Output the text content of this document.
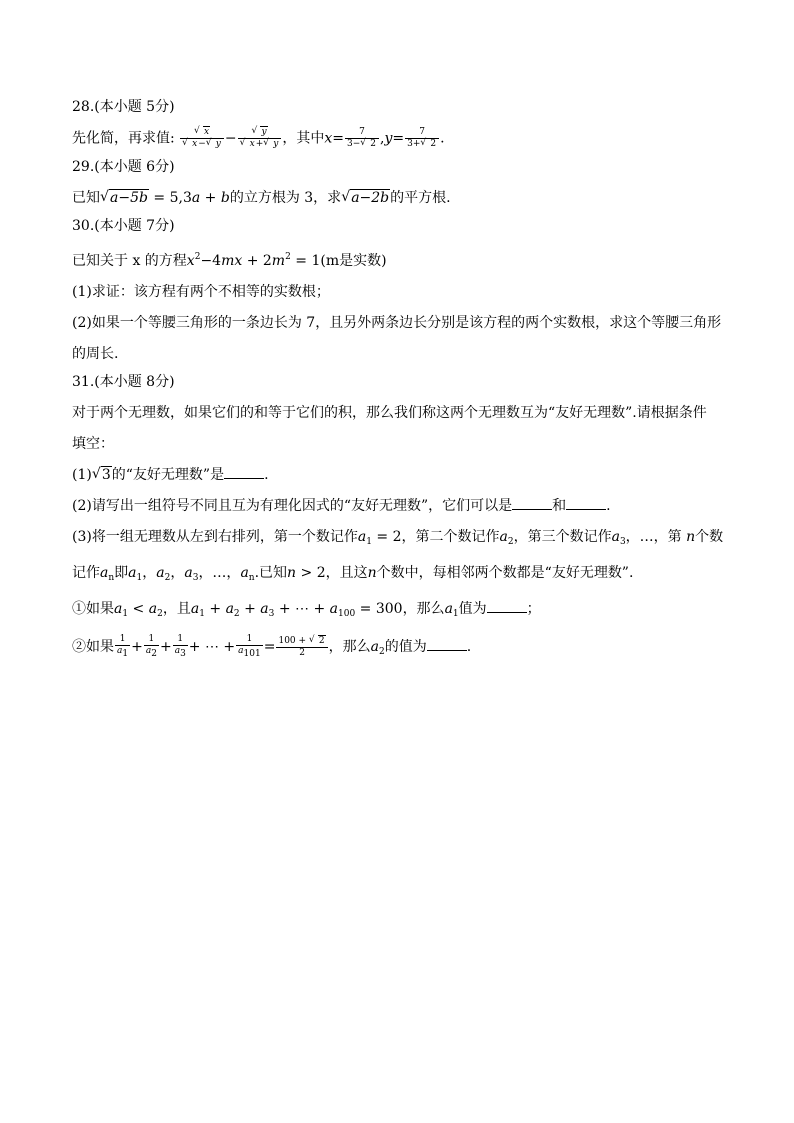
28.(本小题 5分)
先化简，再求值: √ x
√ x− √ y − √ y
√ x+ √ y ，其中$x= \frac{7}{3- √ 2} ,y= \frac{7}{3+ √ 2}$ .
29.(本小题 6分)
已知 √ a−5b = 5,3a + b的立方根为 3，求 √ a−2b的平方根.
30.(本小题 7分)
已知关于 x 的方程$x^2-4mx + 2m^2 = 1(m$是实数)
(1)求证：该方程有两个不相等的实数根；
(2)如果一个等腰三角形的一条边长为 7，且另外两条边长分别是该方程的两个实数根，求这个等腰三角形
的周长.
31.(本小题 8分)
对于两个无理数，如果它们的和等于它们的积，那么我们称这两个无理数互为“友好无理数”.请根据条件
填空：
(1) √ 3的“友好无理数”是	.
(2)请写出一组符号不同且互为有理化因式的“友好无理数”，它们可以是	和	.
(3)将一组无理数从左到右排列，第一个数记作$a_1 = 2$，第二个数记作$a_2$，第三个数记作$a_3$，…，第 n个数
记作$a_n$即$a_1$，$a_2$，$a_3$，…，$a_n$.已知n > 2，且这n个数中，每相邻两个数都是“友好无理数”.
①如果$a_1 < a_2$，且$a_1 + a_2 + a_3$ + ⋯ + $a_{100} = 300$，那么$a_1$值为	；
②如果 $\frac{1}{a1} + \frac{1}{a2} + \frac{1}{a3}$ + ⋯ + $\frac{1}{a101} = \frac{100 + √ 2}{2}$ ，那么$a_2$的值为	.
